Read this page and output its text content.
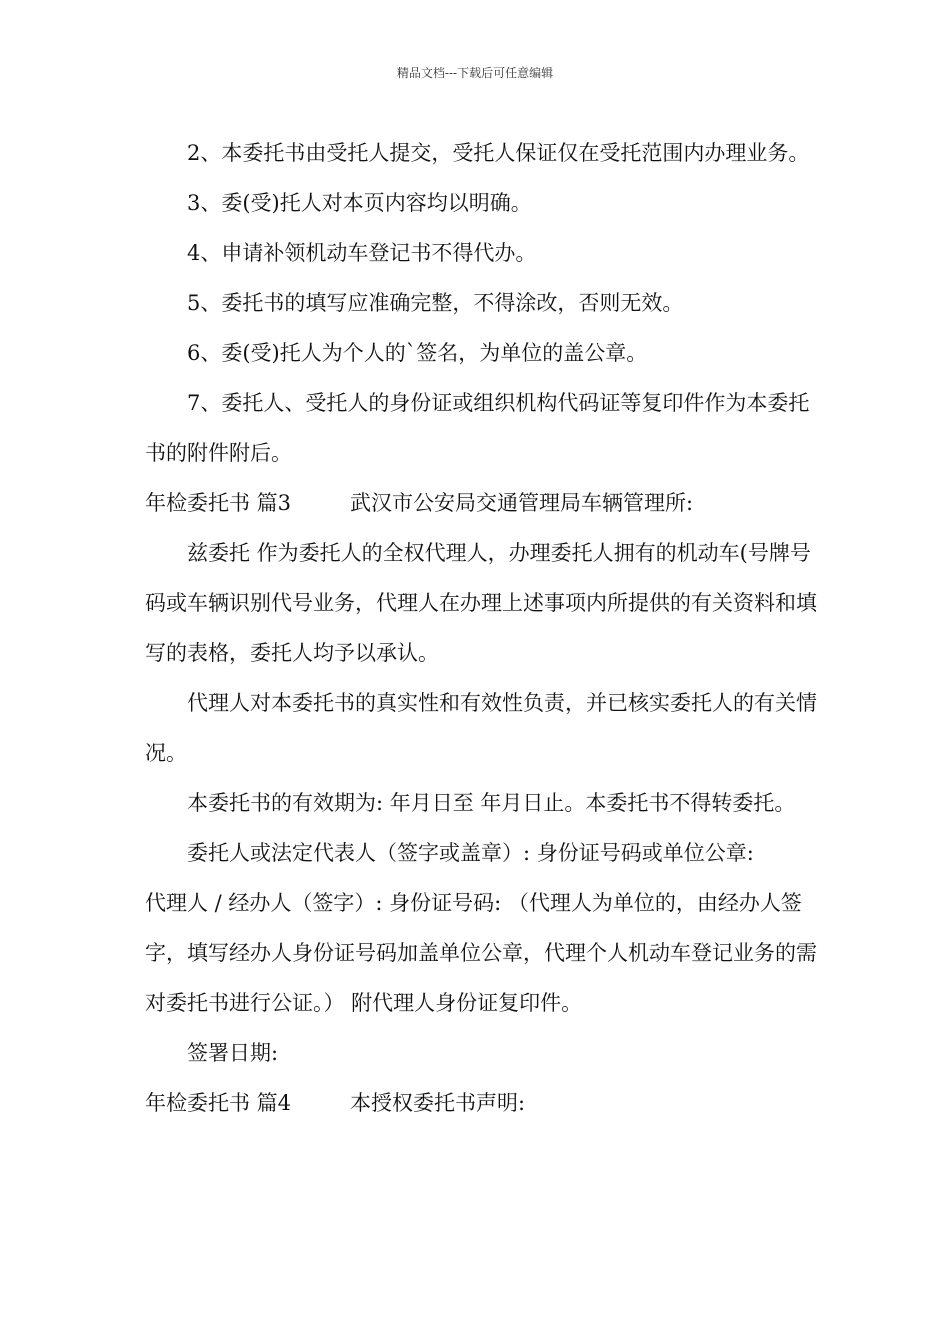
精品文档---下载后可任意编辑

2、本委托书由受托人提交，受托人保证仅在受托范围内办理业务。

3、委(受)托人对本页内容均以明确。

4、申请补领机动车登记书不得代办。

5、委托书的填写应准确完整，不得涂改，否则无效。

6、委(受)托人为个人的`签名，为单位的盖公章。

7、委托人、受托人的身份证或组织机构代码证等复印件作为本委托书的附件附后。

年检委托书 篇3	武汉市公安局交通管理局车辆管理所:

兹委托 作为委托人的全权代理人，办理委托人拥有的机动车(号牌号码或车辆识别代号业务，代理人在办理上述事项内所提供的有关资料和填写的表格，委托人均予以承认。

代理人对本委托书的真实性和有效性负责，并已核实委托人的有关情况。

本委托书的有效期为: 年月日至 年月日止。本委托书不得转委托。

委托人或法定代表人（签字或盖章）: 身份证号码或单位公章:

代理人 / 经办人（签字）: 身份证号码: （代理人为单位的，由经办人签字，填写经办人身份证号码加盖单位公章，代理个人机动车登记业务的需对委托书进行公证。） 附代理人身份证复印件。

签署日期:

年检委托书 篇4	本授权委托书声明:
